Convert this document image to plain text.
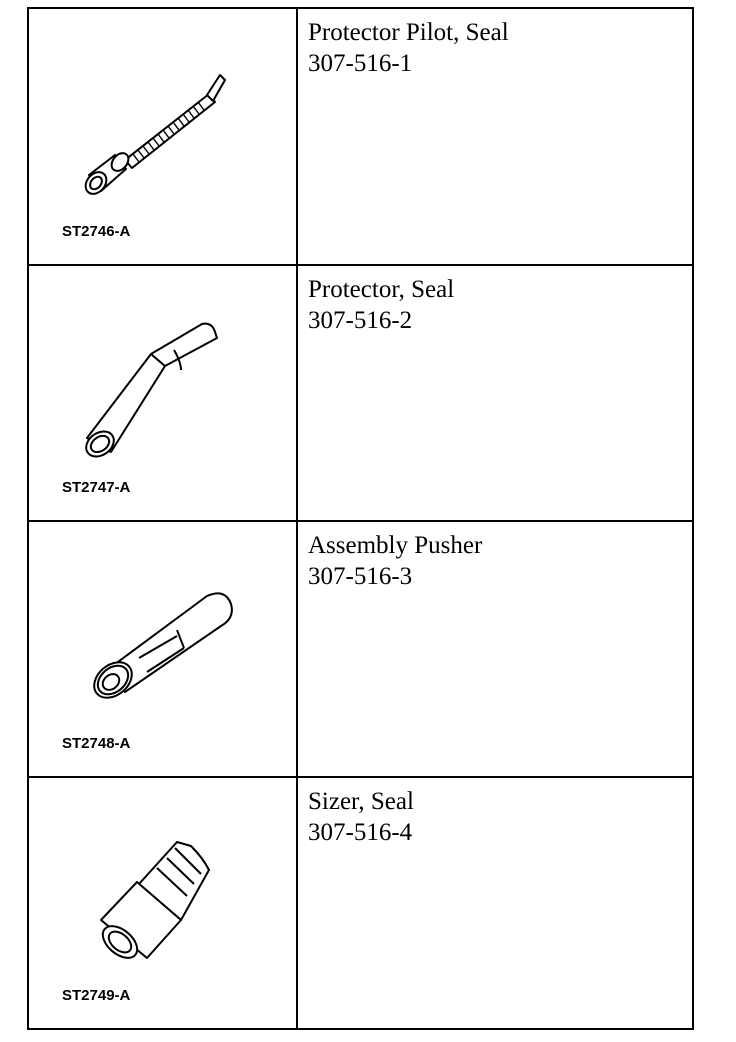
ST2746-A
Protector Pilot, Seal
307-516-1
ST2747-A
Protector, Seal
307-516-2
ST2748-A
Assembly Pusher
307-516-3
ST2749-A
Sizer, Seal
307-516-4
